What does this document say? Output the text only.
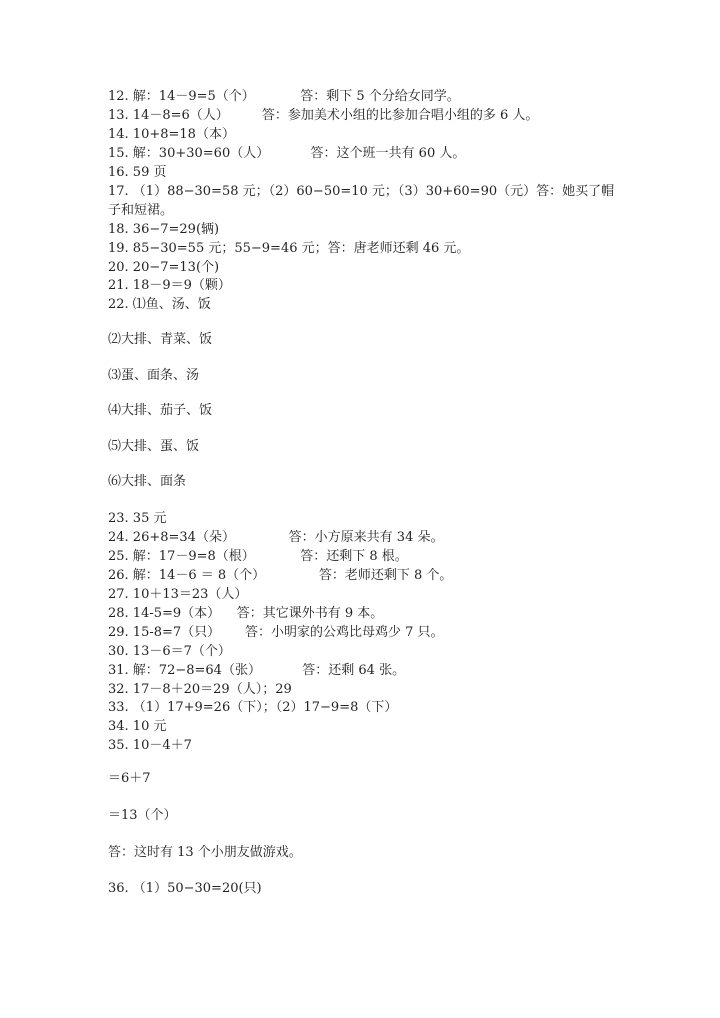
12. 解：14－9=5（个）           答：剩下 5 个分给女同学。
13. 14－8=6（人）        答：参加美术小组的比参加合唱小组的多 6 人。
14. 10+8=18（本）
15. 解：30+30=60（人）          答：这个班一共有 60 人。
16. 59 页
17. （1）88−30=58 元；（2）60−50=10 元；（3）30+60=90（元）答：她买了帽
子和短裙。
18. 36−7=29(辆)
19. 85−30=55 元；55−9=46 元；答：唐老师还剩 46 元。
20. 20−7=13(个)
21. 18－9＝9（颗）
22. ⑴鱼、汤、饭
⑵大排、青菜、饭
⑶蛋、面条、汤
⑷大排、茄子、饭
⑸大排、蛋、饭
⑹大排、面条
23. 35 元
24. 26+8=34（朵）             答：小方原来共有 34 朵。
25. 解：17－9=8（根）           答：还剩下 8 根。
26. 解：14－6 ＝ 8（个）             答：老师还剩下 8 个。
27. 10＋13＝23（人）
28. 14-5=9（本）    答：其它课外书有 9 本。
29. 15-8=7（只）      答：小明家的公鸡比母鸡少 7 只。
30. 13－6＝7（个）
31. 解：72−8=64（张）          答：还剩 64 张。
32. 17－8＋20＝29（人）；29
33. （1）17+9=26（下）；（2）17−9=8（下）
34. 10 元
35. 10－4＋7
＝6＋7
＝13（个）
答：这时有 13 个小朋友做游戏。
36. （1）50−30=20(只)
